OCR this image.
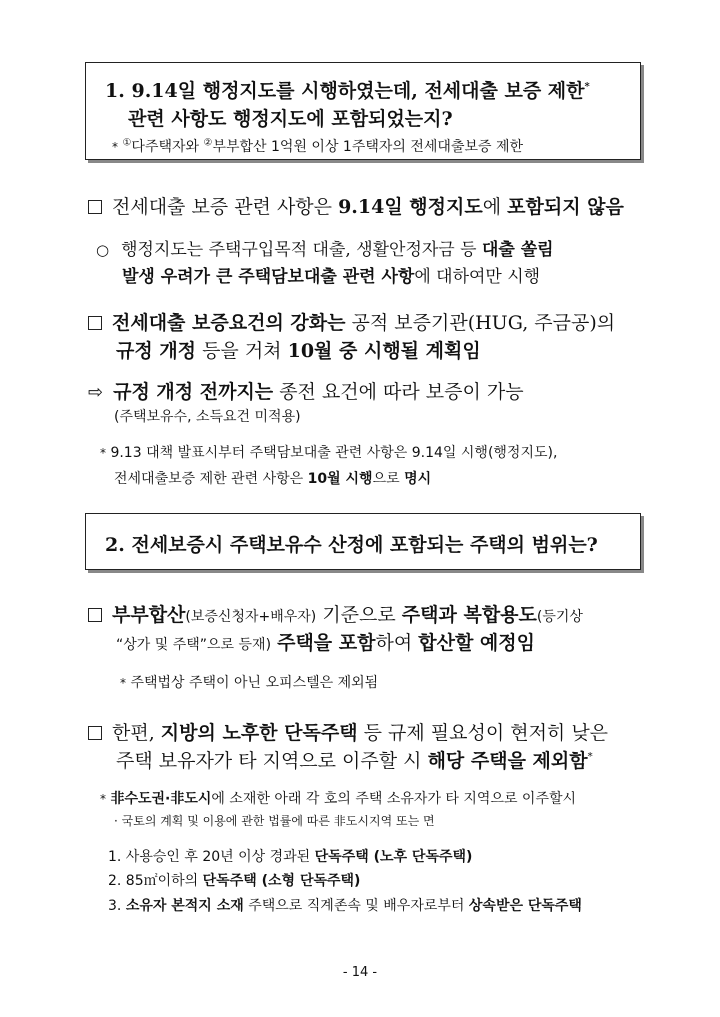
1. 9.14일 행정지도를 시행하였는데, 전세대출 보증 제한*
관련 사항도 행정지도에 포함되었는지?
* ①다주택자와 ②부부합산 1억원 이상 1주택자의 전세대출보증 제한
전세대출 보증 관련 사항은 9.14일 행정지도에 포함되지 않음
○ 행정지도는 주택구입목적 대출, 생활안정자금 등 대출 쏠림
발생 우려가 큰 주택담보대출 관련 사항에 대하여만 시행
전세대출 보증요건의 강화는 공적 보증기관(HUG, 주금공)의
규정 개정 등을 거쳐 10월 중 시행될 계획임
⇨ 규정 개정 전까지는 종전 요건에 따라 보증이 가능
(주택보유수, 소득요건 미적용)
* 9.13 대책 발표시부터 주택담보대출 관련 사항은 9.14일 시행(행정지도),
전세대출보증 제한 관련 사항은 10월 시행으로 명시
2. 전세보증시 주택보유수 산정에 포함되는 주택의 범위는?
부부합산(보증신청자+배우자) 기준으로 주택과 복합용도(등기상
“상가 및 주택”으로 등재) 주택을 포함하여 합산할 예정임
* 주택법상 주택이 아닌 오피스텔은 제외됨
한편, 지방의 노후한 단독주택 등 규제 필요성이 현저히 낮은
주택 보유자가 타 지역으로 이주할 시 해당 주택을 제외함*
* 非수도권·非도시에 소재한 아래 각 호의 주택 소유자가 타 지역으로 이주할시
· 국토의 계획 및 이용에 관한 법률에 따른 非도시지역 또는 면
1. 사용승인 후 20년 이상 경과된 단독주택 (노후 단독주택)
2. 85㎡이하의 단독주택 (소형 단독주택)
3. 소유자 본적지 소재 주택으로 직계존속 및 배우자로부터 상속받은 단독주택
- 14 -
